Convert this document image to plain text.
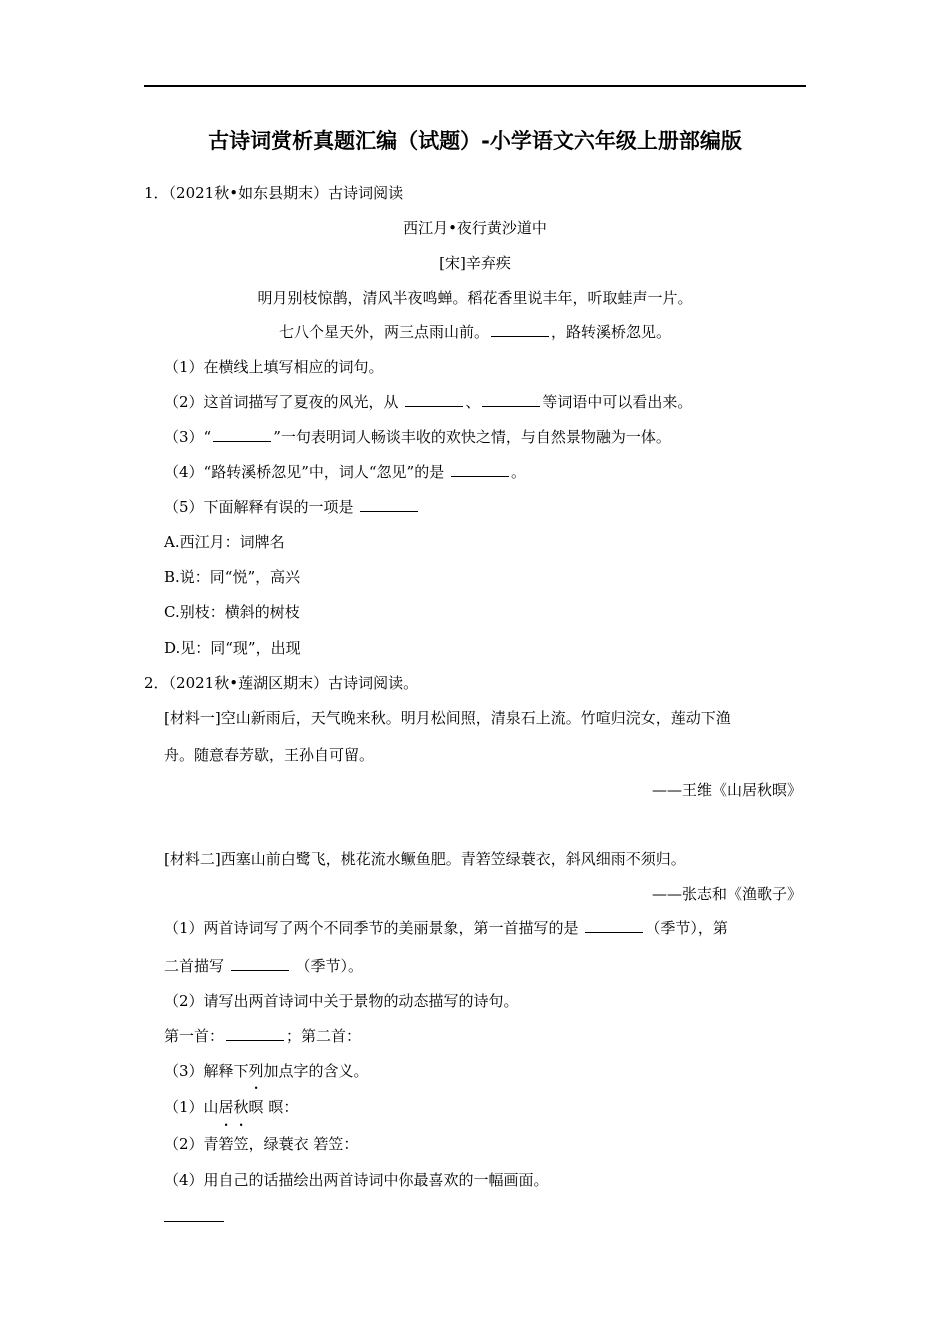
古诗词赏析真题汇编（试题）-小学语文六年级上册部编版
1．（2021秋•如东县期末）古诗词阅读
西江月•夜行黄沙道中
[宋]辛弃疾
明月别枝惊鹊，清风半夜鸣蝉。稻花香里说丰年，听取蛙声一片。
七八个星天外，两三点雨山前。	，路转溪桥忽见。
（1）在横线上填写相应的词句。
（2）这首词描写了夏夜的风光，从	、	等词语中可以看出来。
（3）“	”一句表明词人畅谈丰收的欢快之情，与自然景物融为一体。
（4）“路转溪桥忽见”中，词人“忽见”的是	。
（5）下面解释有误的一项是
A.西江月：词牌名
B.说：同“悦”，高兴
C.别枝：横斜的树枝
D.见：同“现”，出现
2．（2021秋•莲湖区期末）古诗词阅读。
[材料一]空山新雨后，天气晚来秋。明月松间照，清泉石上流。竹喧归浣女，莲动下渔
舟。随意春芳歇，王孙自可留。
——王维《山居秋暝》
[材料二]西塞山前白鹭飞，桃花流水鳜鱼肥。青箬笠绿蓑衣，斜风细雨不须归。
——张志和《渔歌子》
（1）两首诗词写了两个不同季节的美丽景象，第一首描写的是	（季节），第
二首描写	（季节）。
（2）请写出两首诗词中关于景物的动态描写的诗句。
第一首：	；第二首：
（3）解释下列加点字的含义。
（1）山居秋暝 暝：
（2）青箬笠，绿蓑衣 箬笠：
（4）用自己的话描绘出两首诗词中你最喜欢的一幅画面。
